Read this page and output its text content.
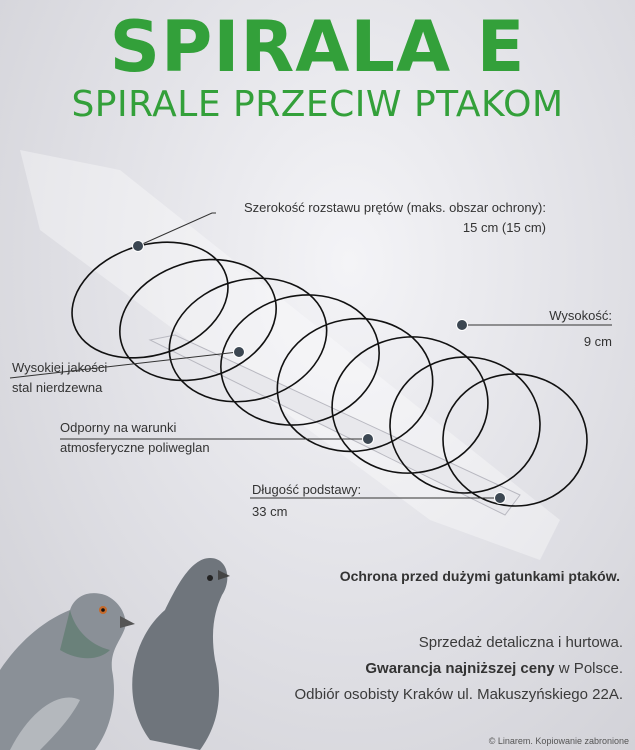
SPIRALA E
SPIRALE PRZECIW PTAKOM
Szerokość rozstawu prętów (maks. obszar ochrony):
15 cm (15 cm)
Wysokość:
9 cm
Wysokiej jakości
stal nierdzewna
Odporny na warunki
atmosferyczne poliweglan
Długość podstawy:
33 cm
Ochrona przed dużymi gatunkami ptaków.
Sprzedaż detaliczna i hurtowa.
Gwarancja najniższej ceny w Polsce.
Odbiór osobisty Kraków ul. Makuszyńskiego 22A.
© Linarem. Kopiowanie zabronione
